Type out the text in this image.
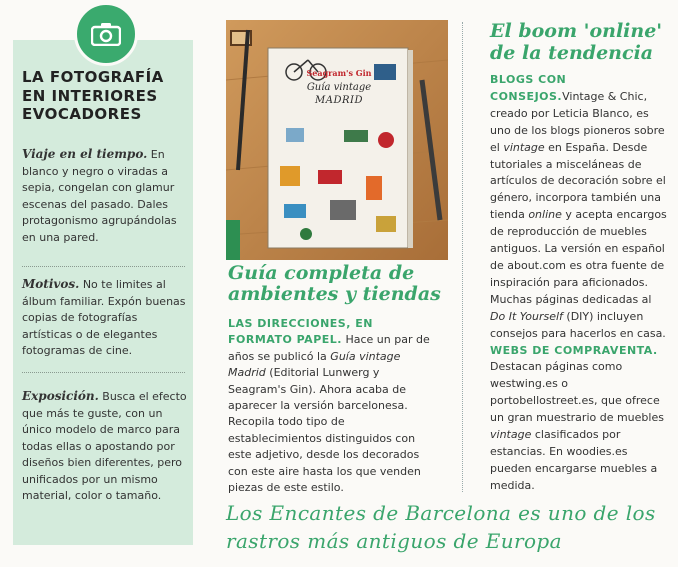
LA FOTOGRAFÍA EN INTERIORES EVOCADORES
Viaje en el tiempo. En blanco y negro o viradas a sepia, congelan con glamur escenas del pasado. Dales protagonismo agrupándolas en una pared.
Motivos. No te limites al álbum familiar. Expón buenas copias de fotografías artísticas o de elegantes fotogramas de cine.
Exposición. Busca el efecto que más te guste, con un único modelo de marco para todas ellas o apostando por diseños bien diferentes, pero unificados por un mismo material, color o tamaño.
Seagram's Gin
Guía vintage
MADRID
Guía completa de ambientes y tiendas
LAS DIRECCIONES, EN FORMATO PAPEL. Hace un par de años se publicó la Guía vintage Madrid (Editorial Lunwerg y Seagram's Gin). Ahora acaba de aparecer la versión barcelonesa. Recopila todo tipo de establecimientos distinguidos con este adjetivo, desde los decorados con este aire hasta los que venden piezas de este estilo.
El boom 'online' de la tendencia
BLOGS CON CONSEJOS.Vintage & Chic, creado por Leticia Blanco, es uno de los blogs pioneros sobre el vintage en España. Desde tutoriales a misceláneas de artículos de decoración sobre el género, incorpora también una tienda online y acepta encargos de reproducción de muebles antiguos. La versión en español de about.com es otra fuente de inspiración para aficionados. Muchas páginas dedicadas al Do It Yourself (DIY) incluyen consejos para hacerlos en casa.
WEBS DE COMPRAVENTA. Destacan páginas como westwing.es o portobellostreet.es, que ofrece un gran muestrario de muebles vintage clasificados por estancias. En woodies.es pueden encargarse muebles a medida.
Los Encantes de Barcelona es uno de los rastros más antiguos de Europa
